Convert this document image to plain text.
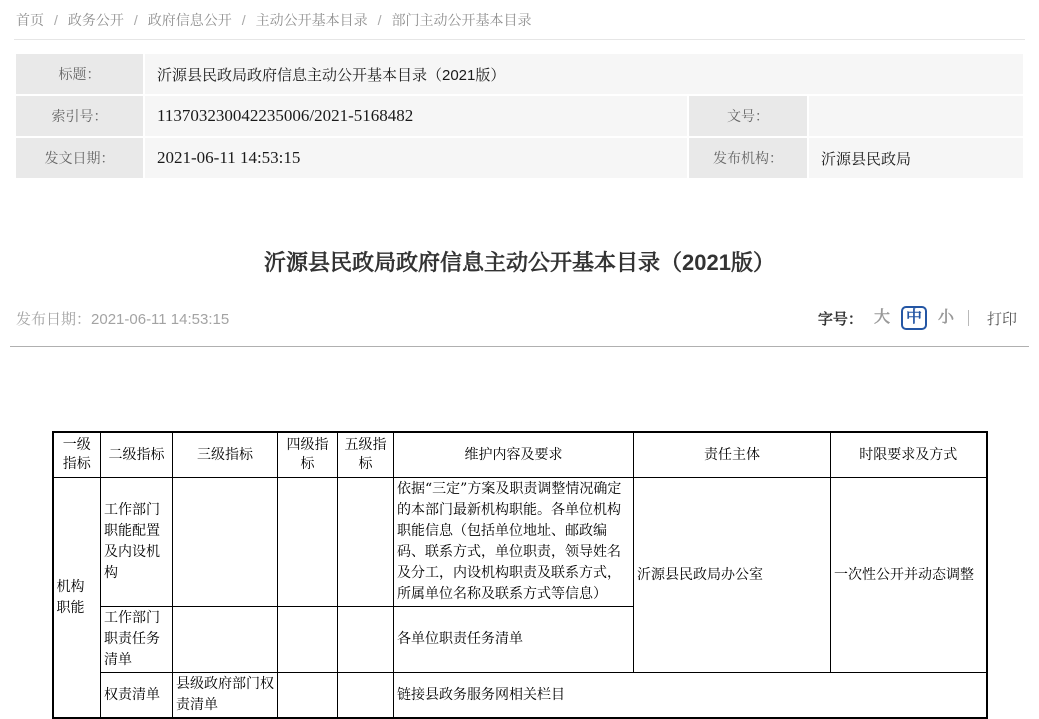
首页 / 政务公开 / 政府信息公开 / 主动公开基本目录 / 部门主动公开基本目录
标题：	沂源县民政局政府信息主动公开基本目录（2021版）		
索引号：	113703230042235006/2021-5168482	文号：	
发文日期：	2021-06-11 14:53:15	发布机构：	沂源县民政局
沂源县民政局政府信息主动公开基本目录（2021版）
发布日期：2021-06-11 14:53:15	字号： 大	中	小	打印
一级指标	二级指标	三级指标	四级指标	五级指标	维护内容及要求	责任主体	时限要求及方式
机构职能	工作部门职能配置及内设机构				依据“三定”方案及职责调整情况确定的本部门最新机构职能。各单位机构职能信息（包括单位地址、邮政编码、联系方式，单位职责，领导姓名及分工，内设机构职责及联系方式，所属单位名称及联系方式等信息）	沂源县民政局办公室	一次性公开并动态调整
	工作部门职责任务清单				各单位职责任务清单		
	权责清单	县级政府部门权责清单			链接县政务服务网相关栏目		
